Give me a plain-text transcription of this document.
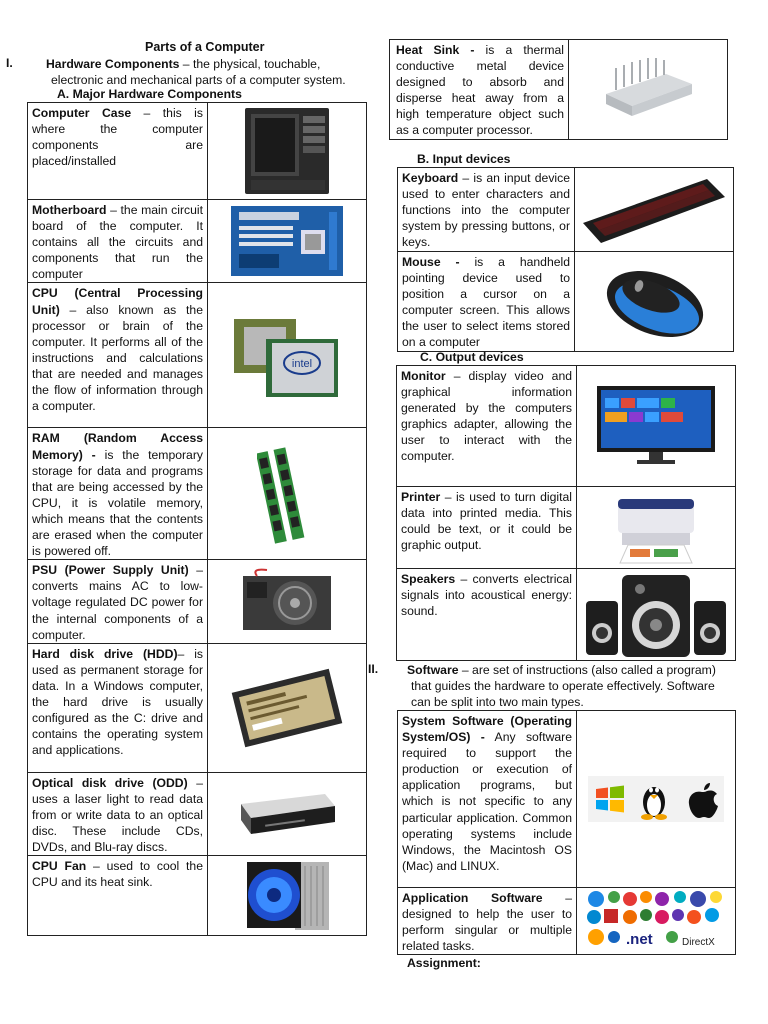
Parts of a Computer
I.	Hardware Components – the physical, touchable,
electronic and mechanical parts of a computer system.
A. Major Hardware Components
Computer Case – this is where the computer components are placed/installed	

Motherboard – the main circuit board of the computer. It contains all the circuits and components that run the computer	

CPU (Central Processing Unit) – also known as the processor or brain of the computer. It performs all of the instructions and calculations that are needed and manages the flow of information through a computer.	intel

RAM (Random Access Memory) - is the temporary storage for data and programs that are being accessed by the CPU, it is volatile memory, which means that the contents are erased when the computer is powered off.	

PSU (Power Supply Unit) – converts mains AC to low-voltage regulated DC power for the internal components of a computer.	

Hard disk drive (HDD)– is used as permanent storage for data. In a Windows computer, the hard drive is usually configured as the C: drive and contains the operating system and applications.	

Optical disk drive (ODD) – uses a laser light to read data from or write data to an optical disc. These include CDs, DVDs, and Blu-ray discs.	

CPU Fan – used to cool the CPU and its heat sink.	
Heat Sink - is a thermal conductive metal device designed to absorb and disperse heat away from a high temperature object such as a computer processor.	
B. Input devices
Keyboard – is an input device used to enter characters and functions into the computer system by pressing buttons, or keys.	

Mouse - is a handheld pointing device used to position a cursor on a computer screen. This allows the user to select items stored on a computer	
C. Output devices
Monitor – display video and graphical information generated by the computers graphics adapter, allowing the user to interact with the computer.	

Printer – is used to turn digital data into printed media. This could be text, or it could be graphic output.	

Speakers – converts electrical signals into acoustical energy: sound.	
II. Software – are set of instructions (also called a program)
that guides the hardware to operate effectively. Software
can be split into two main types.
System Software (Operating System/OS) - Any software required to support the production or execution of application programs, but which is not specific to any particular application. Common operating systems include Windows, the Macintosh OS (Mac) and LINUX.	

Application Software – designed to help the user to perform singular or multiple related tasks.	.net DirectX
Assignment:
